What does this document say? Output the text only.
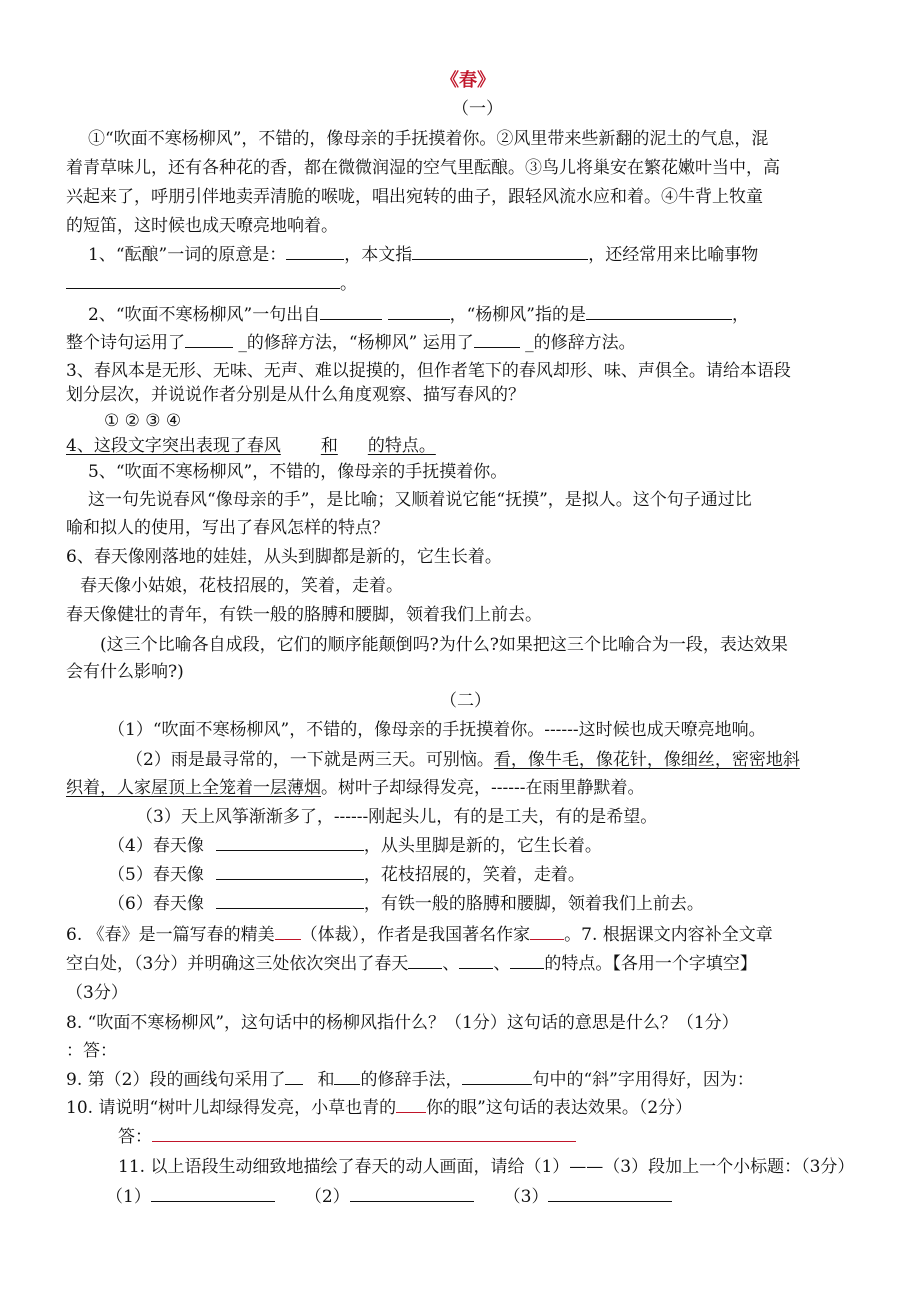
《春》
（一）
①“吹面不寒杨柳风”，不错的，像母亲的手抚摸着你。②风里带来些新翻的泥土的气息，混
着青草味儿，还有各种花的香，都在微微润湿的空气里酝酿。③鸟儿将巢安在繁花嫩叶当中，高
兴起来了，呼朋引伴地卖弄清脆的喉咙，唱出宛转的曲子，跟轻风流水应和着。④牛背上牧童
的短笛，这时候也成天嘹亮地响着。
1、“酝酿”一词的原意是：	，本文指	，还经常用来比喻事物
。
2、“吹面不寒杨柳风”一句出自	，“杨柳风”指的是	，
整个诗句运用了	_的修辞方法，“杨柳风” 运用了	_的修辞方法。
3、春风本是无形、无味、无声、难以捉摸的，但作者笔下的春风却形、味、声俱全。请给本语段
划分层次，并说说作者分别是从什么角度观察、描写春风的？
① ② ③ ④
4、这段文字突出表现了春风 和 的特点。
5、“吹面不寒杨柳风”，不错的，像母亲的手抚摸着你。
这一句先说春风“像母亲的手”，是比喻；又顺着说它能“抚摸”，是拟人。这个句子通过比
喻和拟人的使用，写出了春风怎样的特点？
6、春天像刚落地的娃娃，从头到脚都是新的，它生长着。
春天像小姑娘，花枝招展的，笑着，走着。
春天像健壮的青年，有铁一般的胳膊和腰脚，领着我们上前去。
(这三个比喻各自成段，它们的顺序能颠倒吗?为什么?如果把这三个比喻合为一段，表达效果
会有什么影响?)
（二）
（1）“吹面不寒杨柳风”，不错的，像母亲的手抚摸着你。------这时候也成天嘹亮地响。
（2）雨是最寻常的，一下就是两三天。可别恼。看，像牛毛，像花针，像细丝，密密地斜
织着，人家屋顶上全笼着一层薄烟。树叶子却绿得发亮，------在雨里静默着。
（3）天上风筝渐渐多了，------刚起头儿，有的是工夫，有的是希望。
（4）春天像	，从头里脚是新的，它生长着。
（5）春天像	，花枝招展的，笑着，走着。
（6）春天像	，有铁一般的胳膊和腰脚，领着我们上前去。
6. 《春》是一篇写春的精美 （体裁），作者是我国著名作家 。7. 根据课文内容补全文章
空白处，（3分）并明确这三处依次突出了春天 、 、 的特点。【各用一个字填空】
（3分）
8. “吹面不寒杨柳风”，这句话中的杨柳风指什么？（1分）这句话的意思是什么？（1分）
：答：
9. 第（2）段的画线句采用了 和 的修辞手法，	句中的“斜”字用得好，因为：
10. 请说明“树叶儿却绿得发亮，小草也青的 你的眼”这句话的表达效果。（2分）
答：
11. 以上语段生动细致地描绘了春天的动人画面，请给（1）——（3）段加上一个小标题：（3分）
（1）	（2）	（3）
